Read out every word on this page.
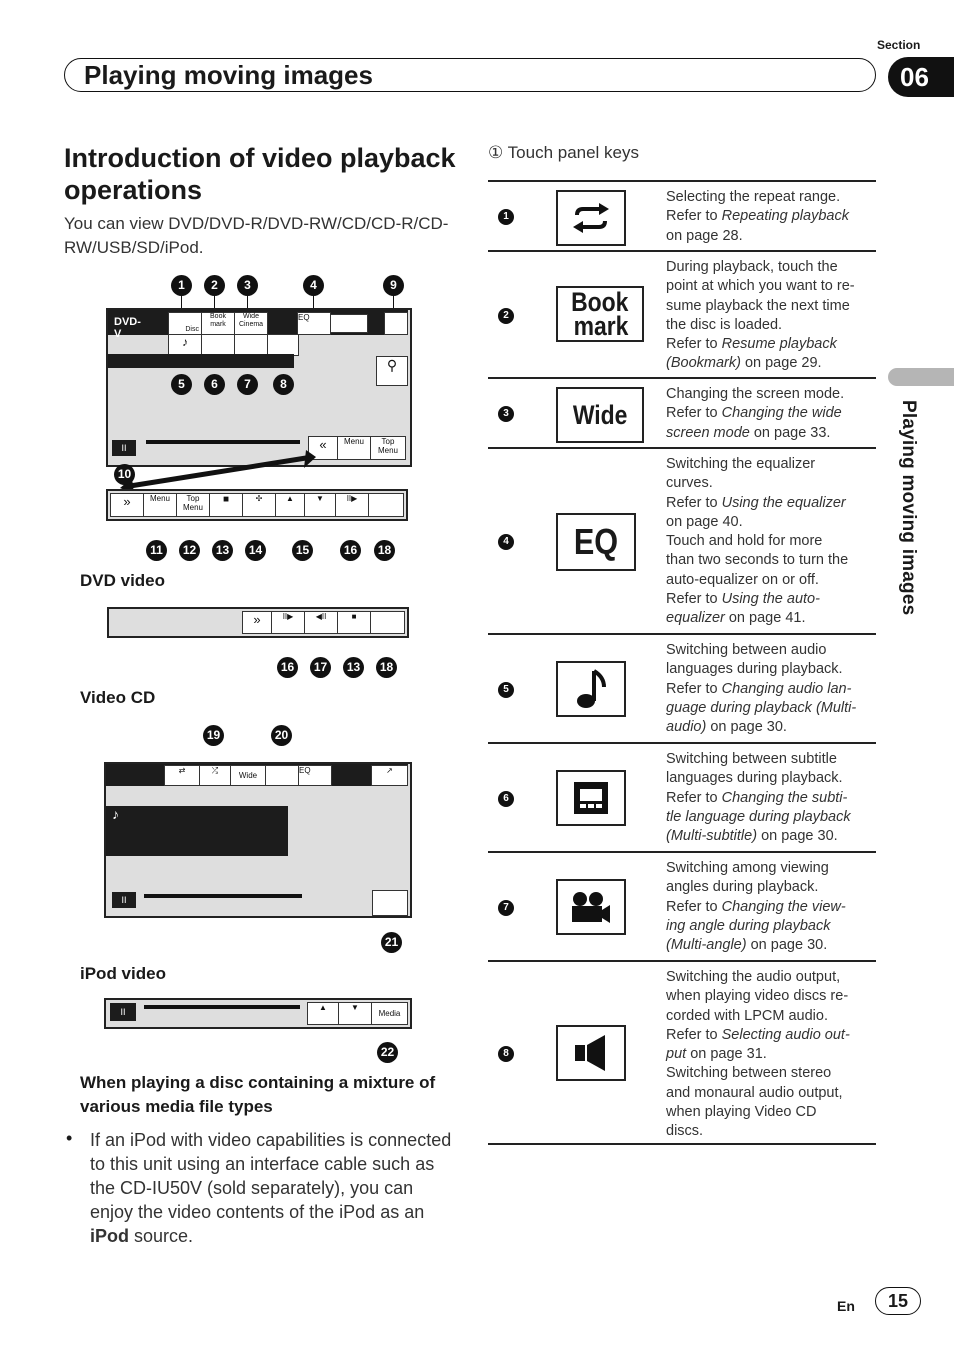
Section
Playing moving images	06
Playing moving images
Introduction of video playback operations
You can view DVD/DVD-R/DVD-RW/CD/CD-R/CD-RW/USB/SD/iPod.
1	2	3	4	9
DVD-V	Disc
Book mark
Wide Cinema
EQ
♪
⚲
5	6	7	8
II	«	Menu	Top Menu
10
»	Menu	Top Menu
■	✣	▲	▼	II▶
11	12	13	14	15	16	18
DVD video
»	II▶	◀II	■
16	17	13	18
Video CD
19	20
⇄	⤮
Wide
EQ	↗
♪
II
21
iPod video
II	▲	▼
Media
22
When playing a disc containing a mixture of various media file types
• If an iPod with video capabilities is connected to this unit using an interface cable such as the CD-IU50V (sold separately), you can enjoy the video contents of the iPod as an iPod source.
① Touch panel keys
1
Selecting the repeat range.
Refer to Repeating playback
on page 28.
2 Book
mark
During playback, touch the
point at which you want to re-
sume playback the next time
the disc is loaded.
Refer to Resume playback
(Bookmark) on page 29.
3 Wide
Changing the screen mode.
Refer to Changing the wide
screen mode on page 33.
4 EQ
Switching the equalizer
curves.
Refer to Using the equalizer
on page 40.
Touch and hold for more
than two seconds to turn the
auto-equalizer on or off.
Refer to Using the auto-
equalizer on page 41.
5
Switching between audio
languages during playback.
Refer to Changing audio lan-
guage during playback (Multi-
audio) on page 30.
6
Switching between subtitle
languages during playback.
Refer to Changing the subti-
tle language during playback
(Multi-subtitle) on page 30.
7
Switching among viewing
angles during playback.
Refer to Changing the view-
ing angle during playback
(Multi-angle) on page 30.
8
Switching the audio output,
when playing video discs re-
corded with LPCM audio.
Refer to Selecting audio out-
put on page 31.
Switching between stereo
and monaural audio output,
when playing Video CD
discs.
En	15
